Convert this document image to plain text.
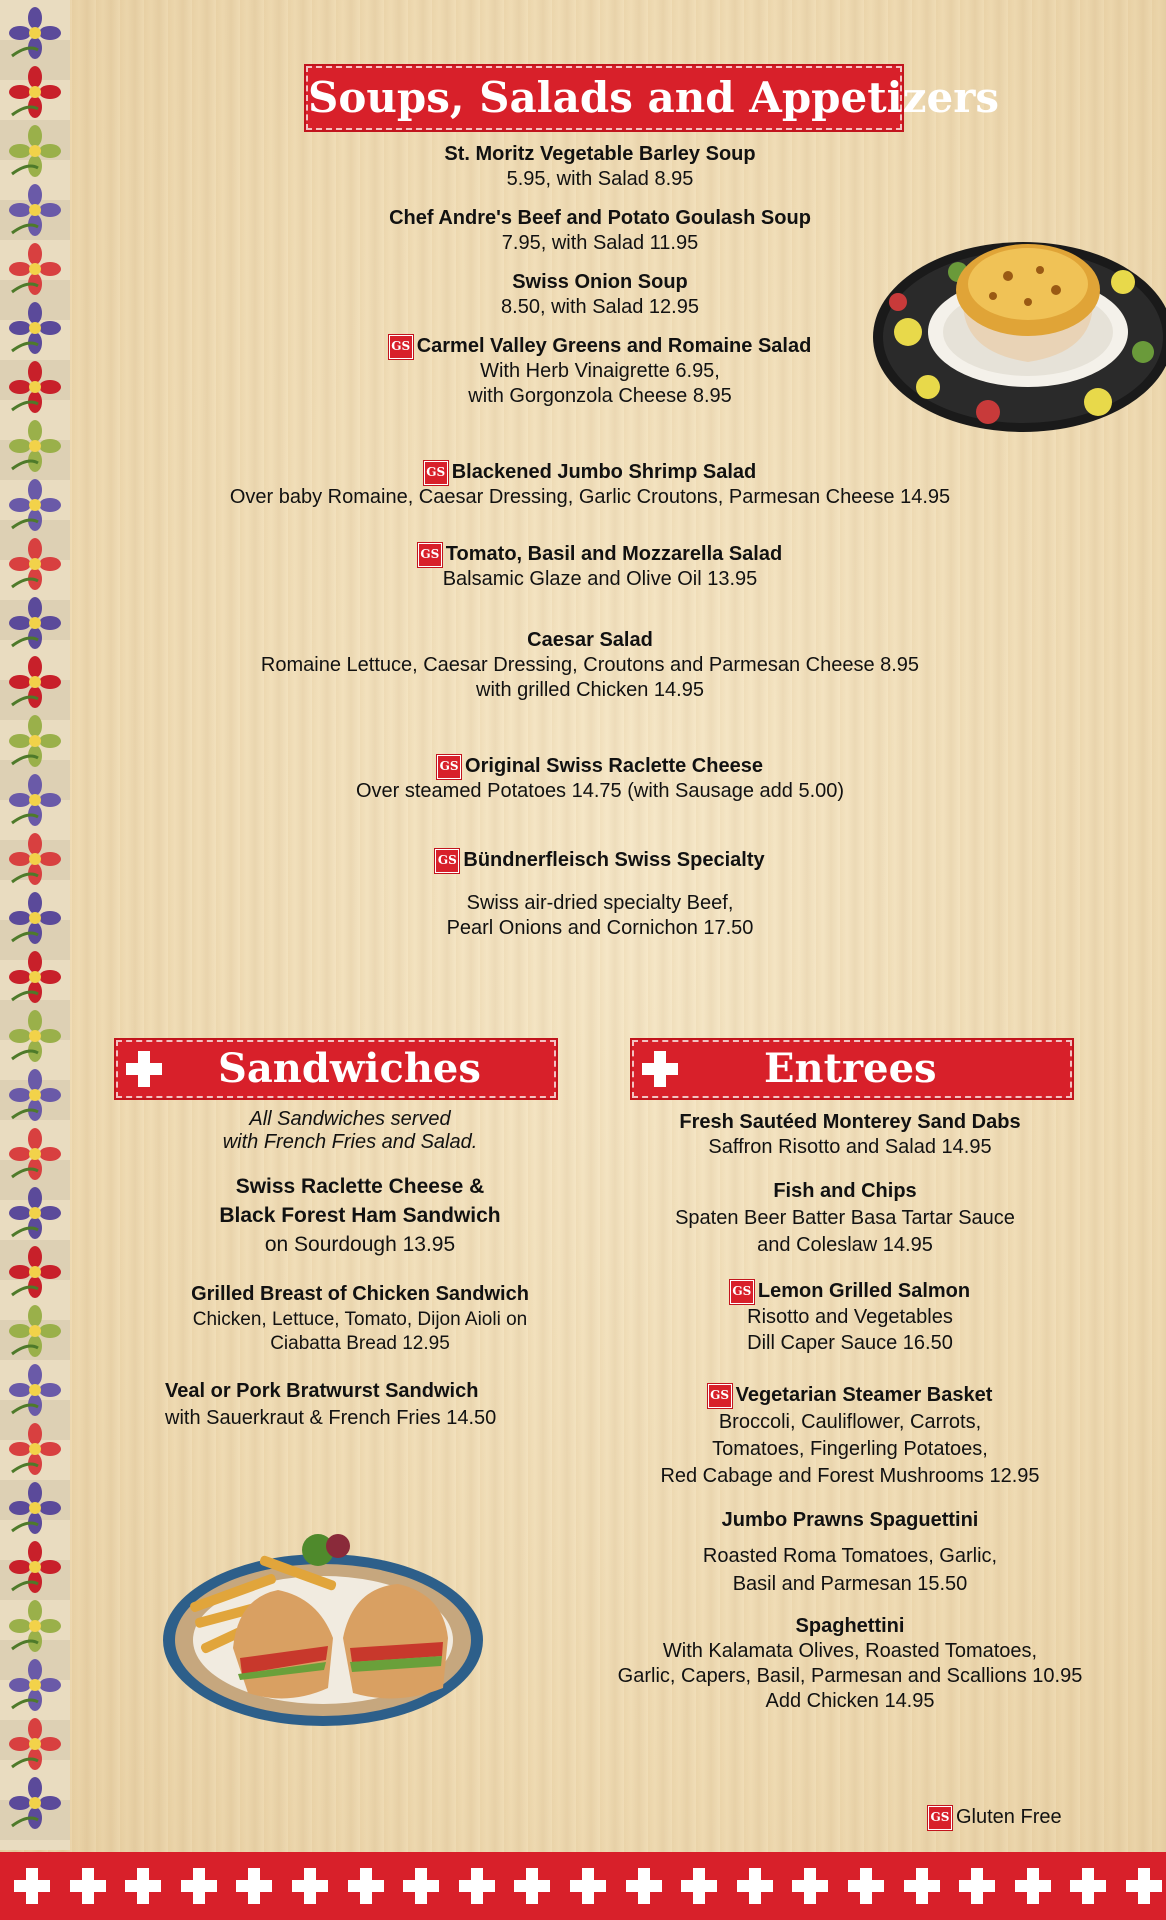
Soups, Salads and Appetizers
St. Moritz Vegetable Barley Soup
5.95, with Salad 8.95
Chef Andre's Beef and Potato Goulash Soup
7.95, with Salad 11.95
Swiss Onion Soup
8.50, with Salad 12.95
GS Carmel Valley Greens and Romaine Salad
With Herb Vinaigrette 6.95,
with Gorgonzola Cheese 8.95
GS Blackened Jumbo Shrimp Salad
Over baby Romaine, Caesar Dressing, Garlic Croutons, Parmesan Cheese 14.95
GS Tomato, Basil and Mozzarella Salad
Balsamic Glaze and Olive Oil 13.95
Caesar Salad
Romaine Lettuce, Caesar Dressing, Croutons and Parmesan Cheese 8.95
with grilled Chicken 14.95
GS Original Swiss Raclette Cheese
Over steamed Potatoes 14.75 (with Sausage add 5.00)
GS Bündnerfleisch Swiss Specialty
Swiss air-dried specialty Beef,
Pearl Onions and Cornichon 17.50
Sandwiches	Entrees
All Sandwiches served
with French Fries and Salad.
Swiss Raclette Cheese &
Black Forest Ham Sandwich
on Sourdough 13.95
Grilled Breast of Chicken Sandwich
Chicken, Lettuce, Tomato, Dijon Aioli on
Ciabatta Bread 12.95
Veal or Pork Bratwurst Sandwich
with Sauerkraut & French Fries 14.50
Fresh Sautéed Monterey Sand Dabs
Saffron Risotto and Salad 14.95
Fish and Chips
Spaten Beer Batter Basa Tartar Sauce
and Coleslaw 14.95
GS Lemon Grilled Salmon
Risotto and Vegetables
Dill Caper Sauce 16.50
GS Vegetarian Steamer Basket
Broccoli, Cauliflower, Carrots,
Tomatoes, Fingerling Potatoes,
Red Cabage and Forest Mushrooms 12.95
Jumbo Prawns Spaguettini
Roasted Roma Tomatoes, Garlic,
Basil and Parmesan 15.50
Spaghettini
With Kalamata Olives, Roasted Tomatoes,
Garlic, Capers, Basil, Parmesan and Scallions 10.95
Add Chicken 14.95
GS Gluten Free
